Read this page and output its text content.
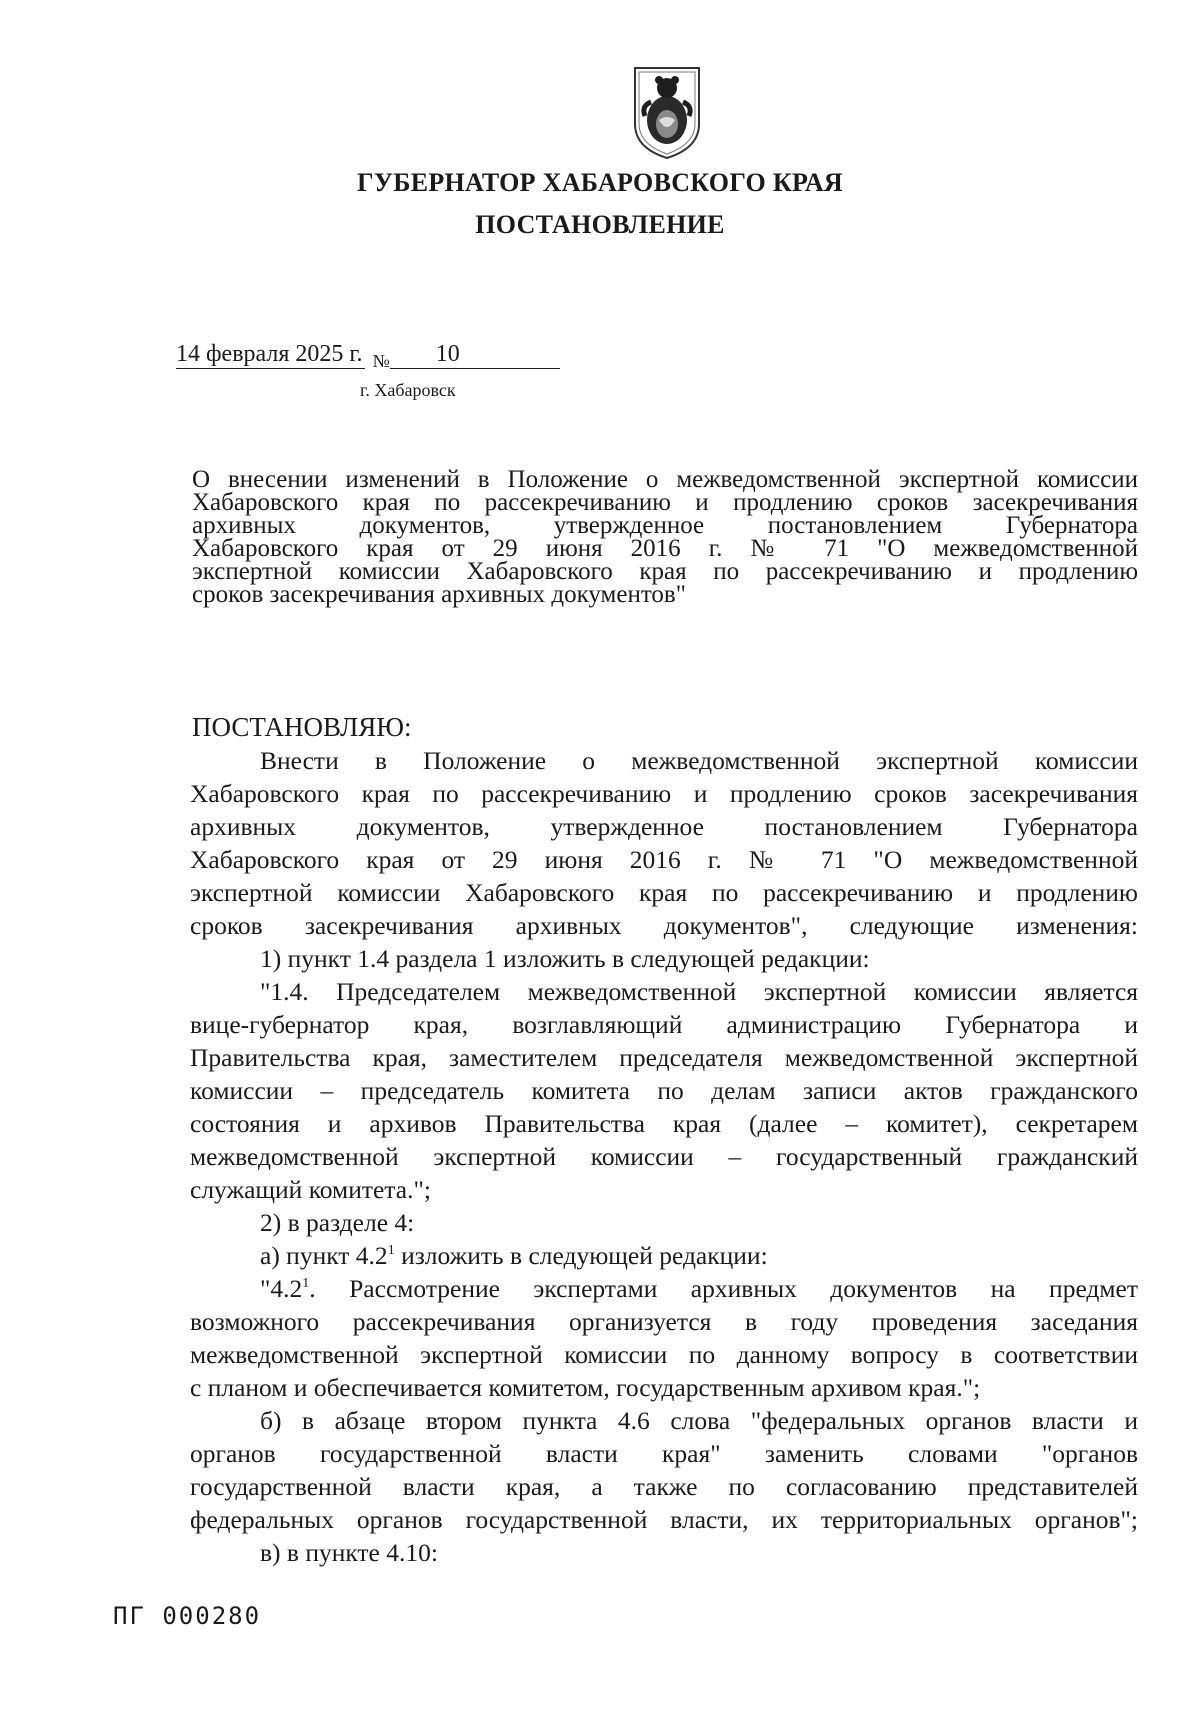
ГУБЕРНАТОР ХАБАРОВСКОГО КРАЯ
ПОСТАНОВЛЕНИЕ
14 февраля 2025 г. $_№$ 10
г. Хабаровск
О внесении изменений в Положение о межведомственной экспертной комиссии
Хабаровского края по рассекречиванию и продлению сроков засекречивания
архивных документов, утвержденное постановлением Губернатора
Хабаровского края от 29 июня 2016 г. № 71 "О межведомственной
экспертной комиссии Хабаровского края по рассекречиванию и продлению
сроков засекречивания архивных документов"
ПОСТАНОВЛЯЮ:
Внести в Положение о межведомственной экспертной комиссии
Хабаровского края по рассекречиванию и продлению сроков засекречивания
архивных документов, утвержденное постановлением Губернатора
Хабаровского края от 29 июня 2016 г. № 71 "О межведомственной
экспертной комиссии Хабаровского края по рассекречиванию и продлению
сроков засекречивания архивных документов", следующие изменения:
1) пункт 1.4 раздела 1 изложить в следующей редакции:
"1.4. Председателем межведомственной экспертной комиссии является
вице-губернатор края, возглавляющий администрацию Губернатора и
Правительства края, заместителем председателя межведомственной экспертной
комиссии – председатель комитета по делам записи актов гражданского
состояния и архивов Правительства края (далее – комитет), секретарем
межведомственной экспертной комиссии – государственный гражданский
служащий комитета.";
2) в разделе 4:
а) пункт $4.2^1$ изложить в следующей редакции:
"$4.2^1$. Рассмотрение экспертами архивных документов на предмет
возможного рассекречивания организуется в году проведения заседания
межведомственной экспертной комиссии по данному вопросу в соответствии
с планом и обеспечивается комитетом, государственным архивом края.";
б) в абзаце втором пункта 4.6 слова "федеральных органов власти и
органов государственной власти края" заменить словами "органов
государственной власти края, а также по согласованию представителей
федеральных органов государственной власти, их территориальных органов";
в) в пункте 4.10:
ПГ 000280
